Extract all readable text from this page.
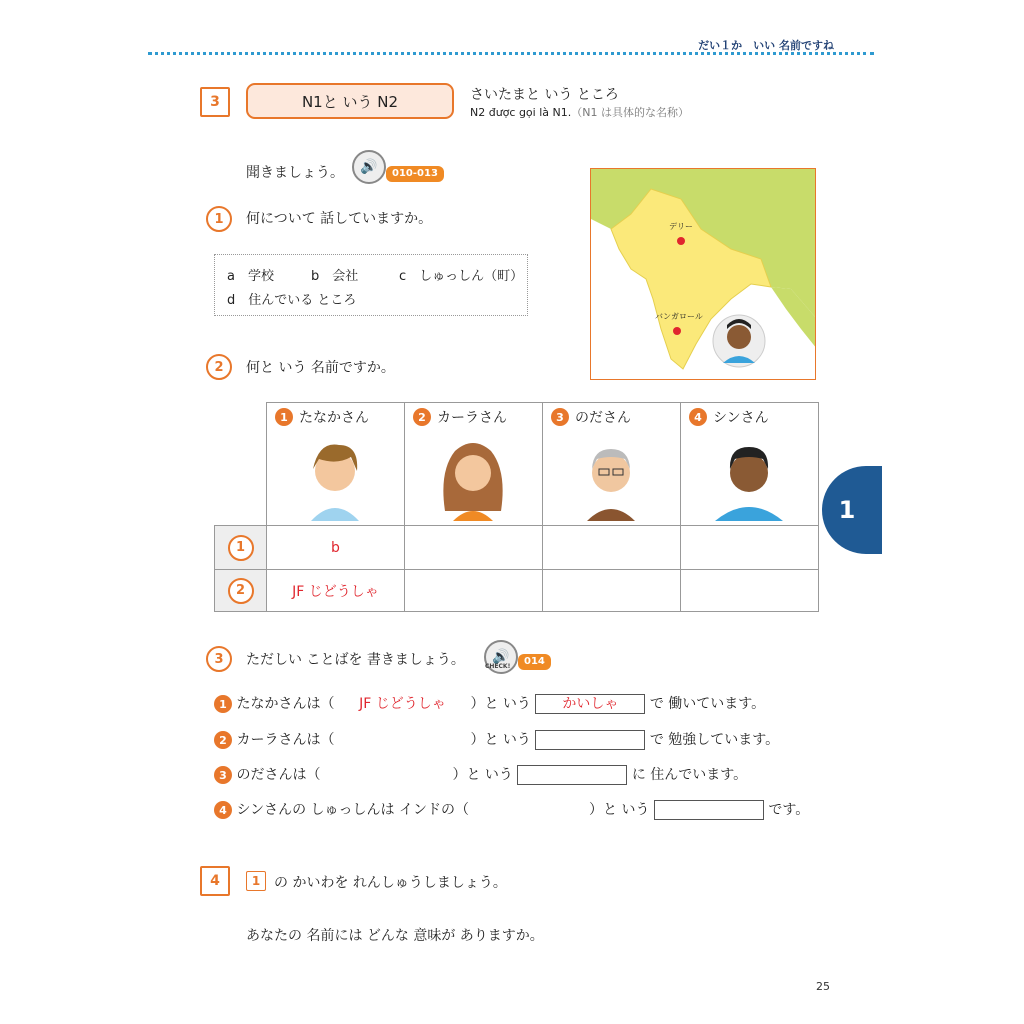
だい１か　いい 名前ですね
3	N1と いう N2	さいたまと いう ところ
N2 được gọi là N1.（N1 は具体的な名称）
聞きましょう。	🔊	010-013
1	何について 話していますか。
a　学校	b　会社	c　しゅっしん（町）
d　住んでいる ところ
デリー
バンガロール
2	何と いう 名前ですか。

1 たなかさん	2 カーラさん	3 のださん	4 シンさん

1	b			

2	JF じどうしゃ			
1
3	ただしい ことばを 書きましょう。	🔊
CHECK!	014
1 たなかさんは（ JF じどうしゃ ）と いう かいしゃ で 働いています。
2 カーラさんは（	）と いう	で 勉強しています。
3 のださんは（	）と いう	に 住んでいます。
4 シンさんの しゅっしんは インドの（	）と いう	です。
4	1 の かいわを れんしゅうしましょう。
あなたの 名前には どんな 意味が ありますか。
25
